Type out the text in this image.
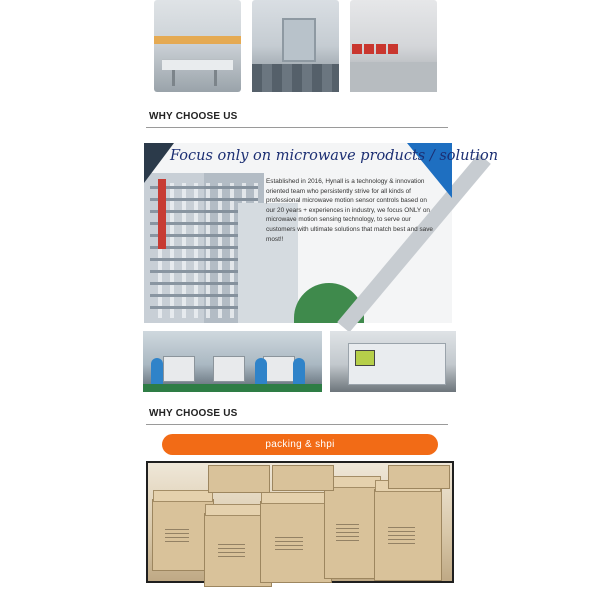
WHY CHOOSE US
Focus only on microwave products / solution

Established in 2016, Hynall is a technology & innovation oriented team who persistently strive for all kinds of professional microwave motion sensor controls based on our 20 years + experiences in industry, we focus ONLY on microwave motion sensing technology, to serve our customers with ultimate solutions that match best and save most!!

WHY CHOOSE US
packing & shpi
